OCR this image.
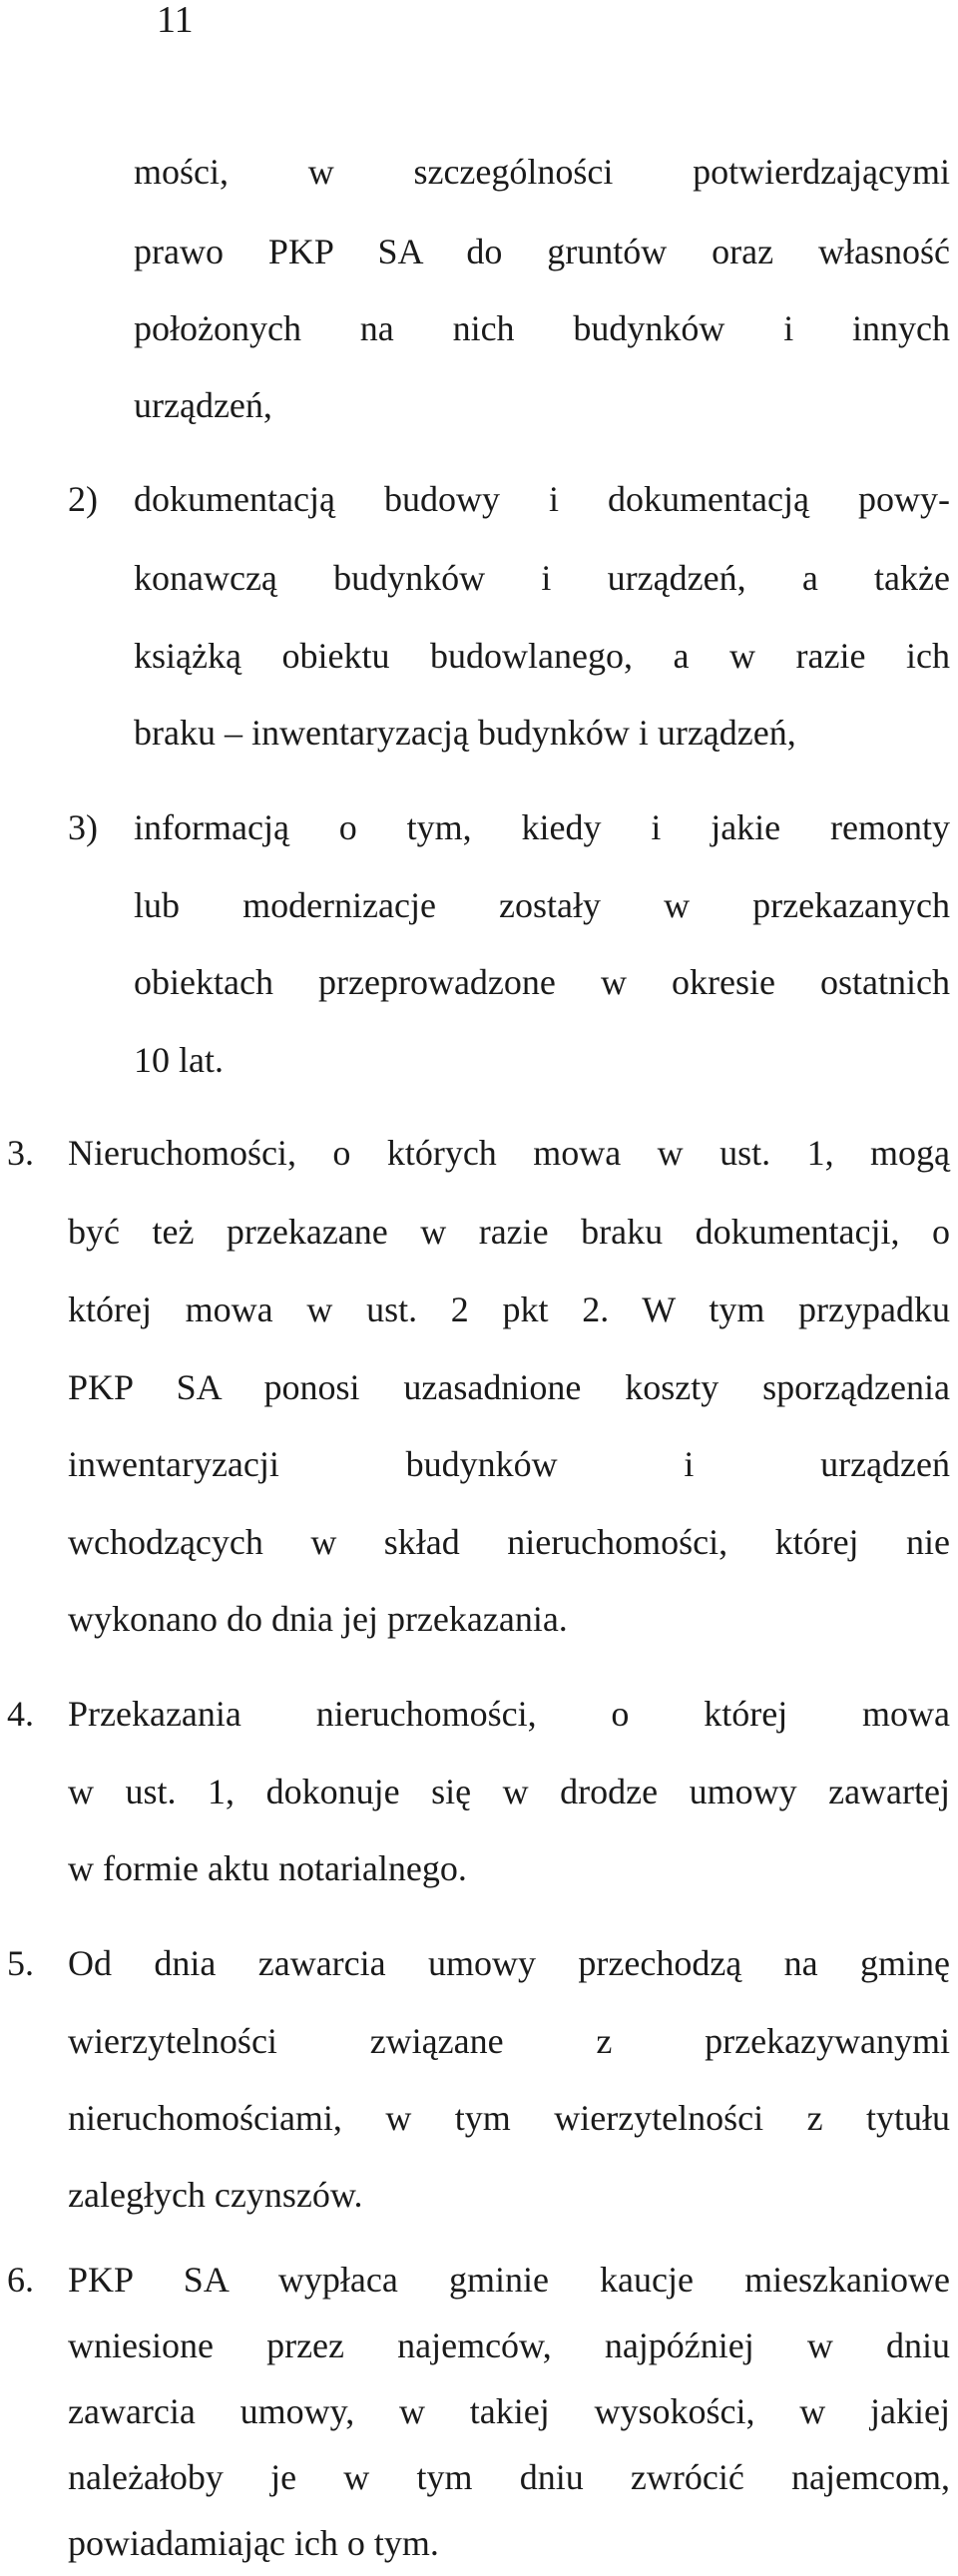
11
mości, w szczególności potwierdzającymi
prawo PKP SA do gruntów oraz własność
położonych na nich budynków i innych
urządzeń,
2) dokumentacją budowy i dokumentacją powy-
konawczą budynków i urządzeń, a także
książką obiektu budowlanego, a w razie ich
braku – inwentaryzacją budynków i urządzeń,
3) informacją o tym, kiedy i jakie remonty
lub modernizacje zostały w przekazanych
obiektach przeprowadzone w okresie ostatnich
10 lat.
3. Nieruchomości, o których mowa w ust. 1, mogą
być też przekazane w razie braku dokumentacji, o
której mowa w ust. 2 pkt 2. W tym przypadku
PKP SA ponosi uzasadnione koszty sporządzenia
inwentaryzacji budynków i urządzeń
wchodzących w skład nieruchomości, której nie
wykonano do dnia jej przekazania.
4. Przekazania nieruchomości, o której mowa
w ust. 1, dokonuje się w drodze umowy zawartej
w formie aktu notarialnego.
5. Od dnia zawarcia umowy przechodzą na gminę
wierzytelności związane z przekazywanymi
nieruchomościami, w tym wierzytelności z tytułu
zaległych czynszów.
6. PKP SA wypłaca gminie kaucje mieszkaniowe
wniesione przez najemców, najpóźniej w dniu
zawarcia umowy, w takiej wysokości, w jakiej
należałoby je w tym dniu zwrócić najemcom,
powiadamiając ich o tym.
